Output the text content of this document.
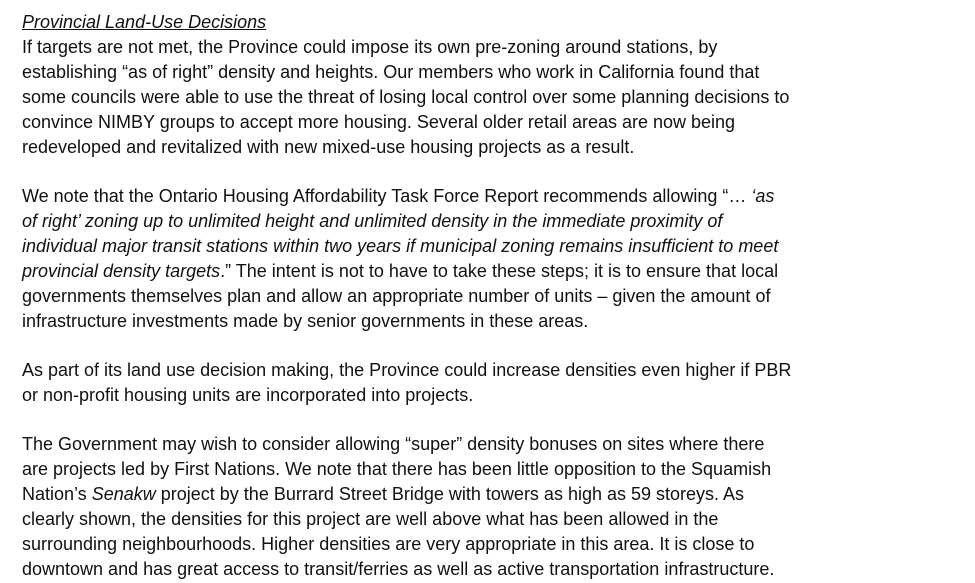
Provincial Land-Use Decisions
If targets are not met, the Province could impose its own pre-zoning around stations, by
establishing “as of right” density and heights. Our members who work in California found that
some councils were able to use the threat of losing local control over some planning decisions to
convince NIMBY groups to accept more housing. Several older retail areas are now being
redeveloped and revitalized with new mixed-use housing projects as a result.
We note that the Ontario Housing Affordability Task Force Report recommends allowing “… ‘as
of right’ zoning up to unlimited height and unlimited density in the immediate proximity of
individual major transit stations within two years if municipal zoning remains insufficient to meet
provincial density targets.” The intent is not to have to take these steps; it is to ensure that local
governments themselves plan and allow an appropriate number of units – given the amount of
infrastructure investments made by senior governments in these areas.
As part of its land use decision making, the Province could increase densities even higher if PBR
or non-profit housing units are incorporated into projects.
The Government may wish to consider allowing “super” density bonuses on sites where there
are projects led by First Nations. We note that there has been little opposition to the Squamish
Nation’s Senakw project by the Burrard Street Bridge with towers as high as 59 storeys. As
clearly shown, the densities for this project are well above what has been allowed in the
surrounding neighbourhoods. Higher densities are very appropriate in this area. It is close to
downtown and has great access to transit/ferries as well as active transportation infrastructure.
